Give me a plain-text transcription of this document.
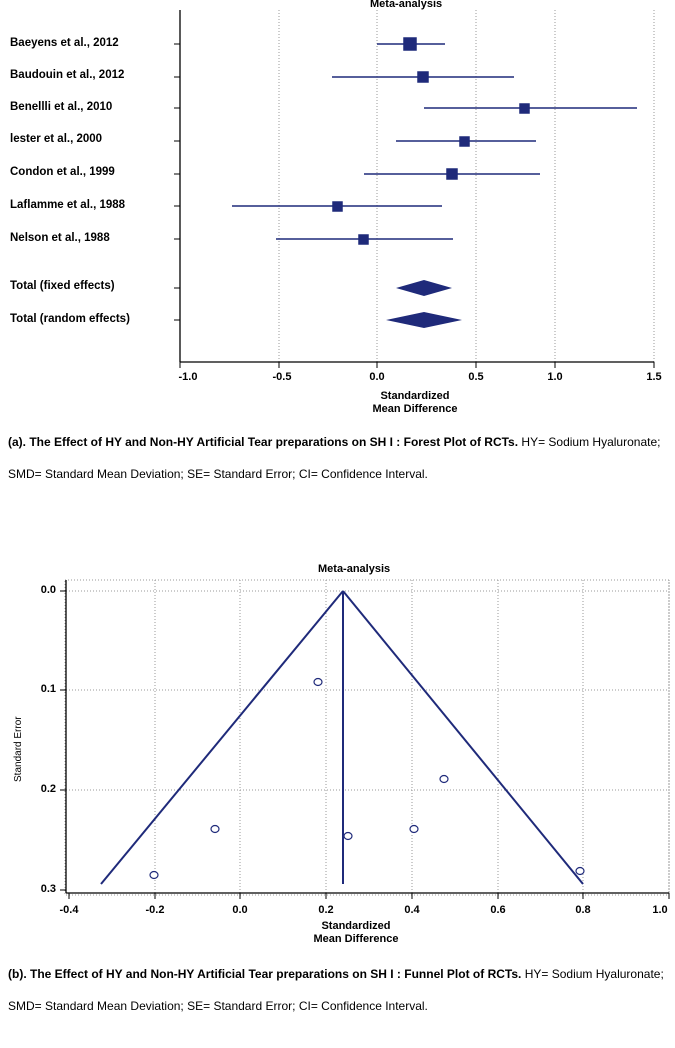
Meta-analysis
Baeyens et al., 2012
Baudouin et al., 2012
Benellli et al., 2010
lester et al., 2000
Condon et al., 1999
Laflamme et al., 1988
Nelson et al., 1988
Total (fixed effects)
Total (random effects)
-1.0	-0.5	0.0	0.5	1.0	1.5
Standardized
Mean Difference
(a). The Effect of HY and Non-HY Artificial Tear preparations on SH I : Forest Plot of RCTs. HY= Sodium Hyaluronate; SMD= Standard Mean Deviation; SE= Standard Error; CI= Confidence Interval.
Meta-analysis
0.0
0.1
0.2
0.3
Standard Error
-0.4	-0.2	0.0	0.2	0.4	0.6	0.8	1.0
Standardized
Mean Difference
(b). The Effect of HY and Non-HY Artificial Tear preparations on SH I : Funnel Plot of RCTs. HY= Sodium Hyaluronate; SMD= Standard Mean Deviation; SE= Standard Error; CI= Confidence Interval.
